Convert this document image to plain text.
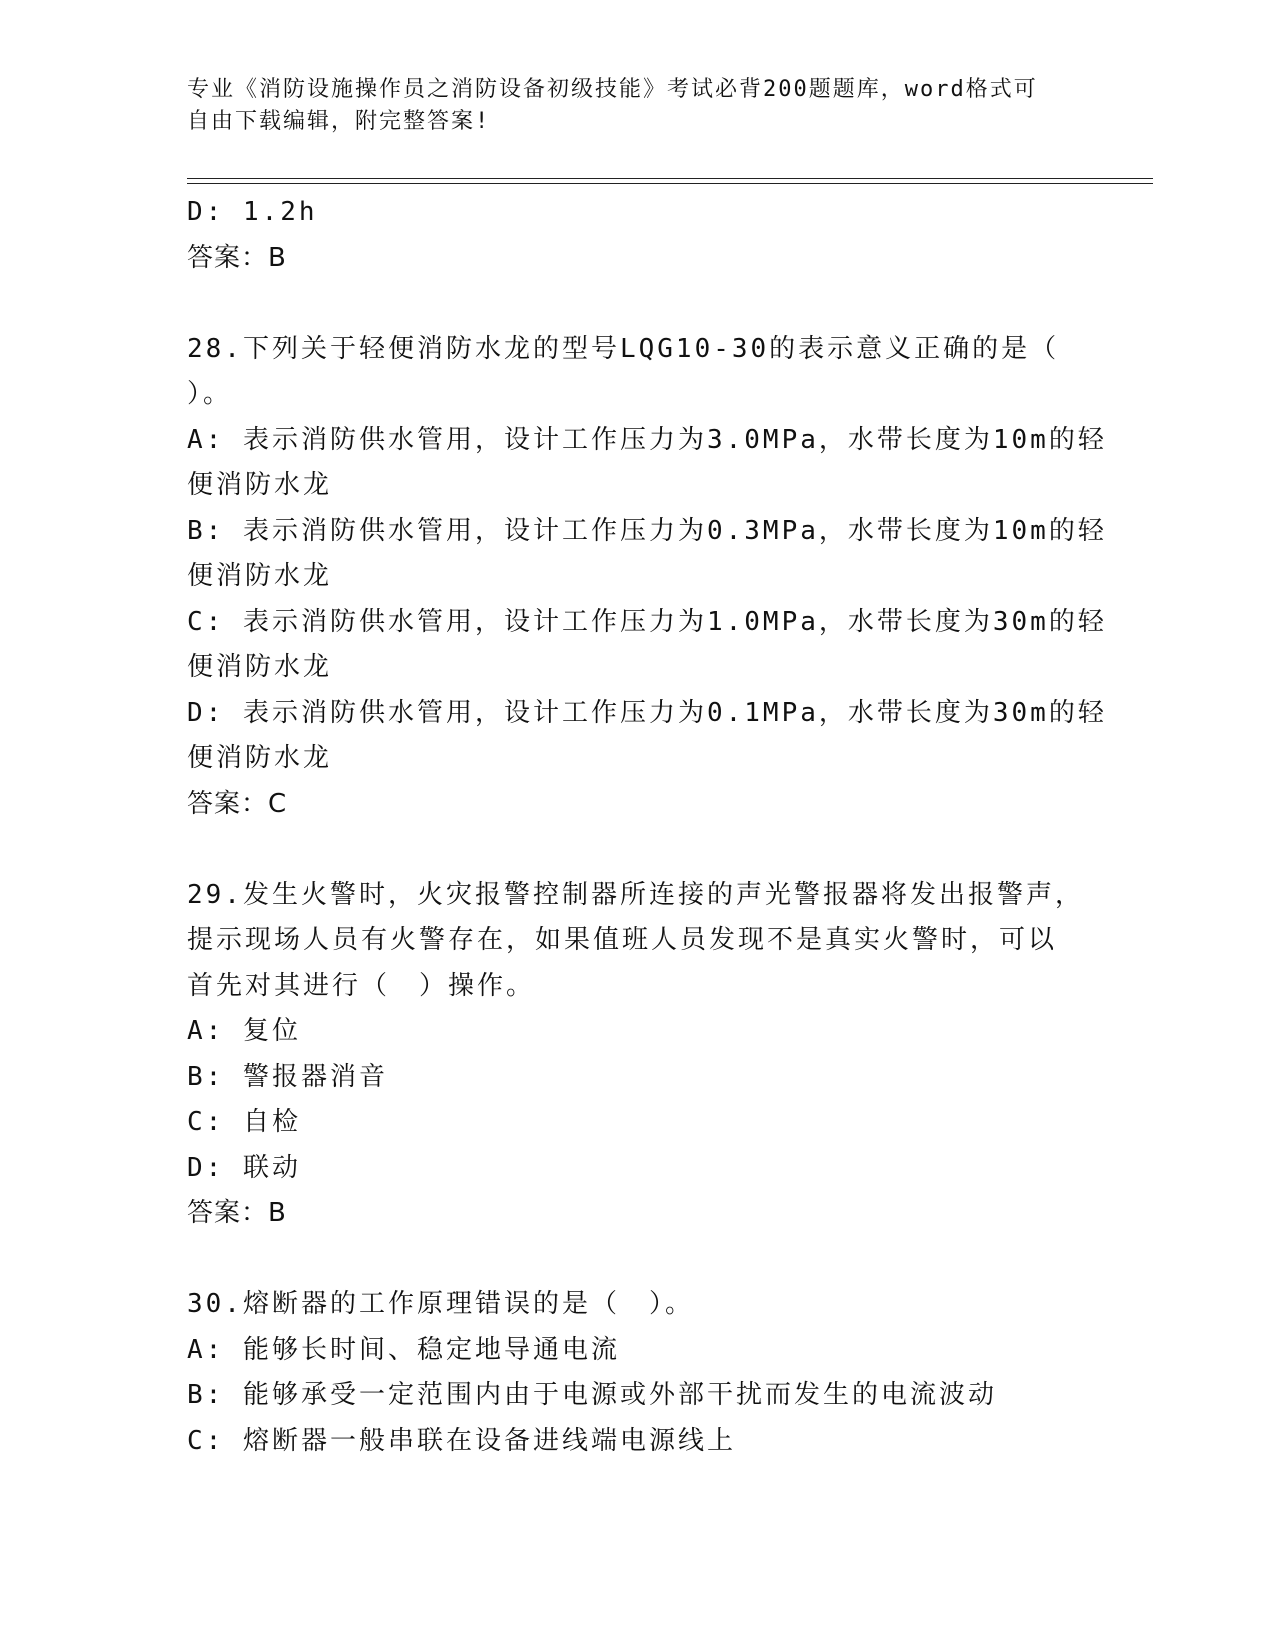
专业《消防设施操作员之消防设备初级技能》考试必背200题题库，word格式可
自由下载编辑，附完整答案!
D: 1.2h
答案：B
28.下列关于轻便消防水龙的型号LQG10-30的表示意义正确的是（
）。
A: 表示消防供水管用，设计工作压力为3.0MPa，水带长度为10m的轻
便消防水龙
B: 表示消防供水管用，设计工作压力为0.3MPa，水带长度为10m的轻
便消防水龙
C: 表示消防供水管用，设计工作压力为1.0MPa，水带长度为30m的轻
便消防水龙
D: 表示消防供水管用，设计工作压力为0.1MPa，水带长度为30m的轻
便消防水龙
答案：C
29.发生火警时，火灾报警控制器所连接的声光警报器将发出报警声，
提示现场人员有火警存在，如果值班人员发现不是真实火警时，可以
首先对其进行（　）操作。
A: 复位
B: 警报器消音
C: 自检
D: 联动
答案：B
30.熔断器的工作原理错误的是（　）。
A: 能够长时间、稳定地导通电流
B: 能够承受一定范围内由于电源或外部干扰而发生的电流波动
C: 熔断器一般串联在设备进线端电源线上
